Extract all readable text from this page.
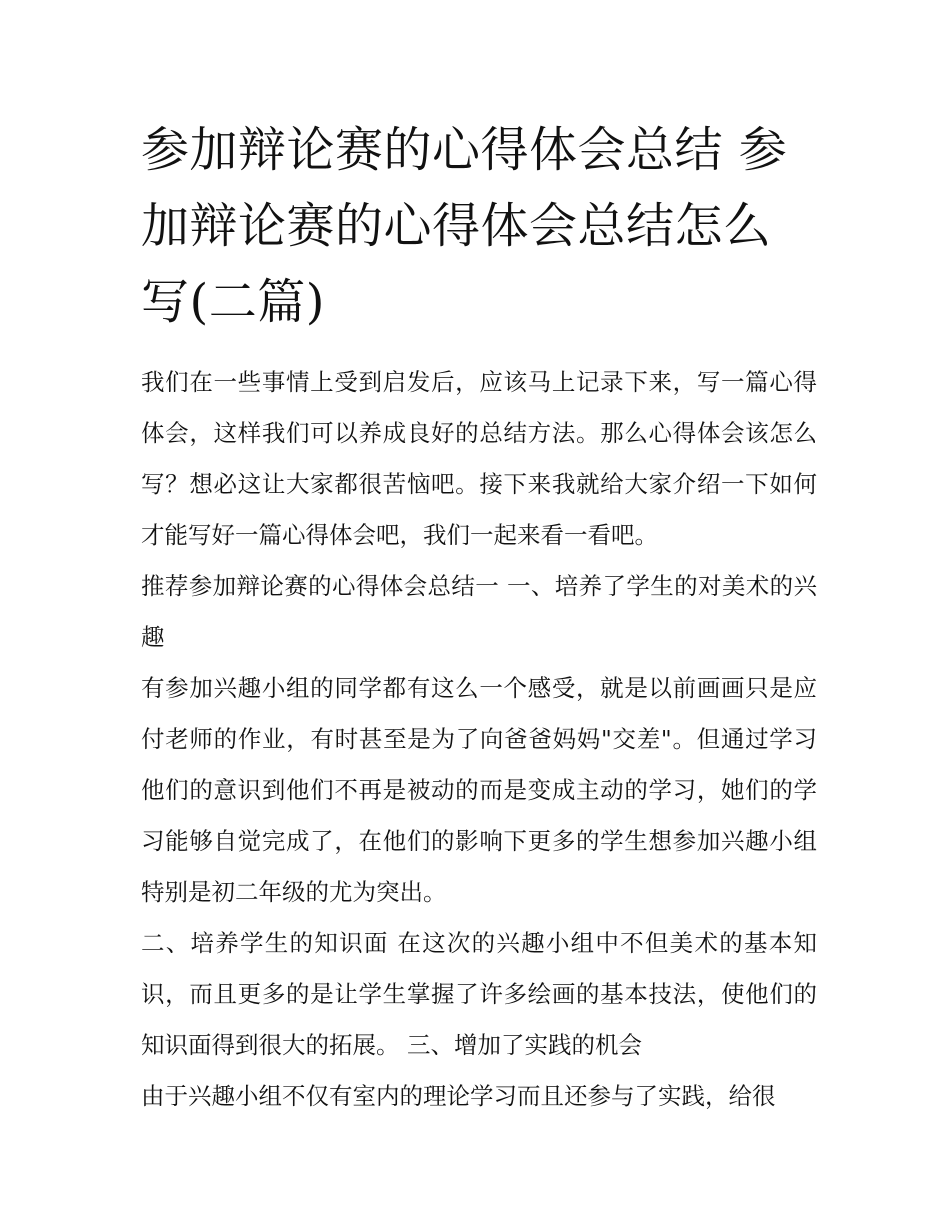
参加辩论赛的心得体会总结 参加辩论赛的心得体会总结怎么写(二篇)

我们在一些事情上受到启发后，应该马上记录下来，写一篇心得体会，这样我们可以养成良好的总结方法。那么心得体会该怎么写？想必这让大家都很苦恼吧。接下来我就给大家介绍一下如何才能写好一篇心得体会吧，我们一起来看一看吧。

推荐参加辩论赛的心得体会总结一 一、培养了学生的对美术的兴趣

有参加兴趣小组的同学都有这么一个感受，就是以前画画只是应付老师的作业，有时甚至是为了向爸爸妈妈"交差"。但通过学习他们的意识到他们不再是被动的而是变成主动的学习，她们的学习能够自觉完成了，在他们的影响下更多的学生想参加兴趣小组特别是初二年级的尤为突出。

二、培养学生的知识面 在这次的兴趣小组中不但美术的基本知识，而且更多的是让学生掌握了许多绘画的基本技法，使他们的知识面得到很大的拓展。 三、增加了实践的机会

由于兴趣小组不仅有室内的理论学习而且还参与了实践，给很
